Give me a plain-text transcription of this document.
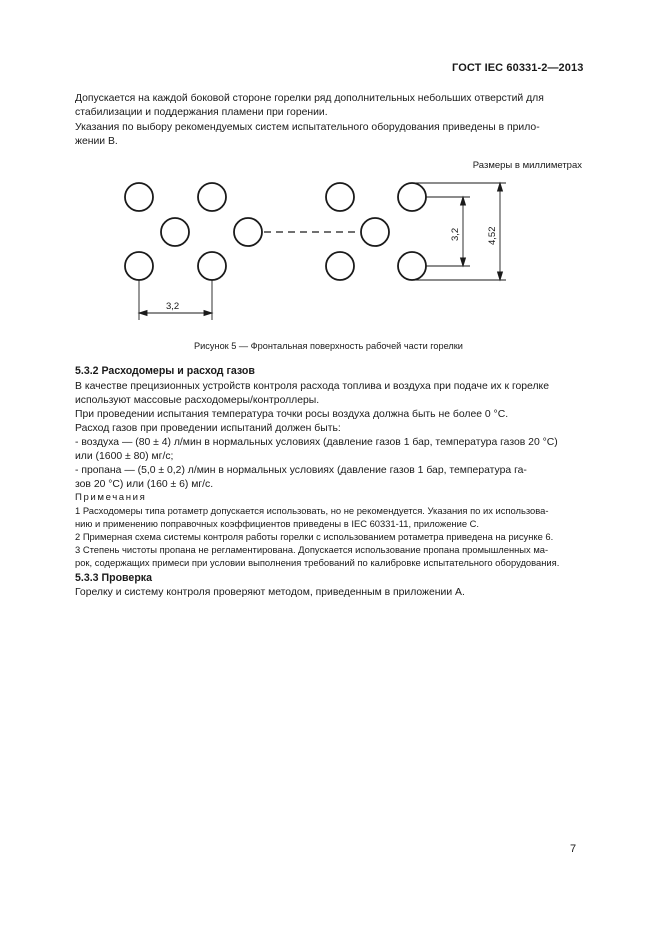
ГОСТ IEC 60331-2—2013
Допускается на каждой боковой стороне горелки ряд дополнительных небольших отверстий для
стабилизации и поддержания пламени при горении.
Указания по выбору рекомендуемых систем испытательного оборудования приведены в прило-
жении B.
Размеры в миллиметрах
3,2
3,2	4,52
Рисунок 5 — Фронтальная поверхность рабочей части горелки
5.3.2 Расходомеры и расход газов
В качестве прецизионных устройств контроля расхода топлива и воздуха при подаче их к горелке
используют массовые расходомеры/контроллеры.
При проведении испытания температура точки росы воздуха должна быть не более 0 °С.
Расход газов при проведении испытаний должен быть:
- воздуха — (80 ± 4) л/мин в нормальных условиях (давление газов 1 бар, температура газов 20 °С)
или (1600 ± 80) мг/с;
- пропана — (5,0 ± 0,2) л/мин в нормальных условиях (давление газов 1 бар, температура га-
зов 20 °С) или (160 ± 6) мг/с.
Примечания
1 Расходомеры типа ротаметр допускается использовать, но не рекомендуется. Указания по их использова-
нию и применению поправочных коэффициентов приведены в IEC 60331-11, приложение С.
2 Примерная схема системы контроля работы горелки с использованием ротаметра приведена на рисунке 6.
3 Степень чистоты пропана не регламентирована. Допускается использование пропана промышленных ма-
рок, содержащих примеси при условии выполнения требований по калибровке испытательного оборудования.
5.3.3 Проверка
Горелку и систему контроля проверяют методом, приведенным в приложении А.
7
